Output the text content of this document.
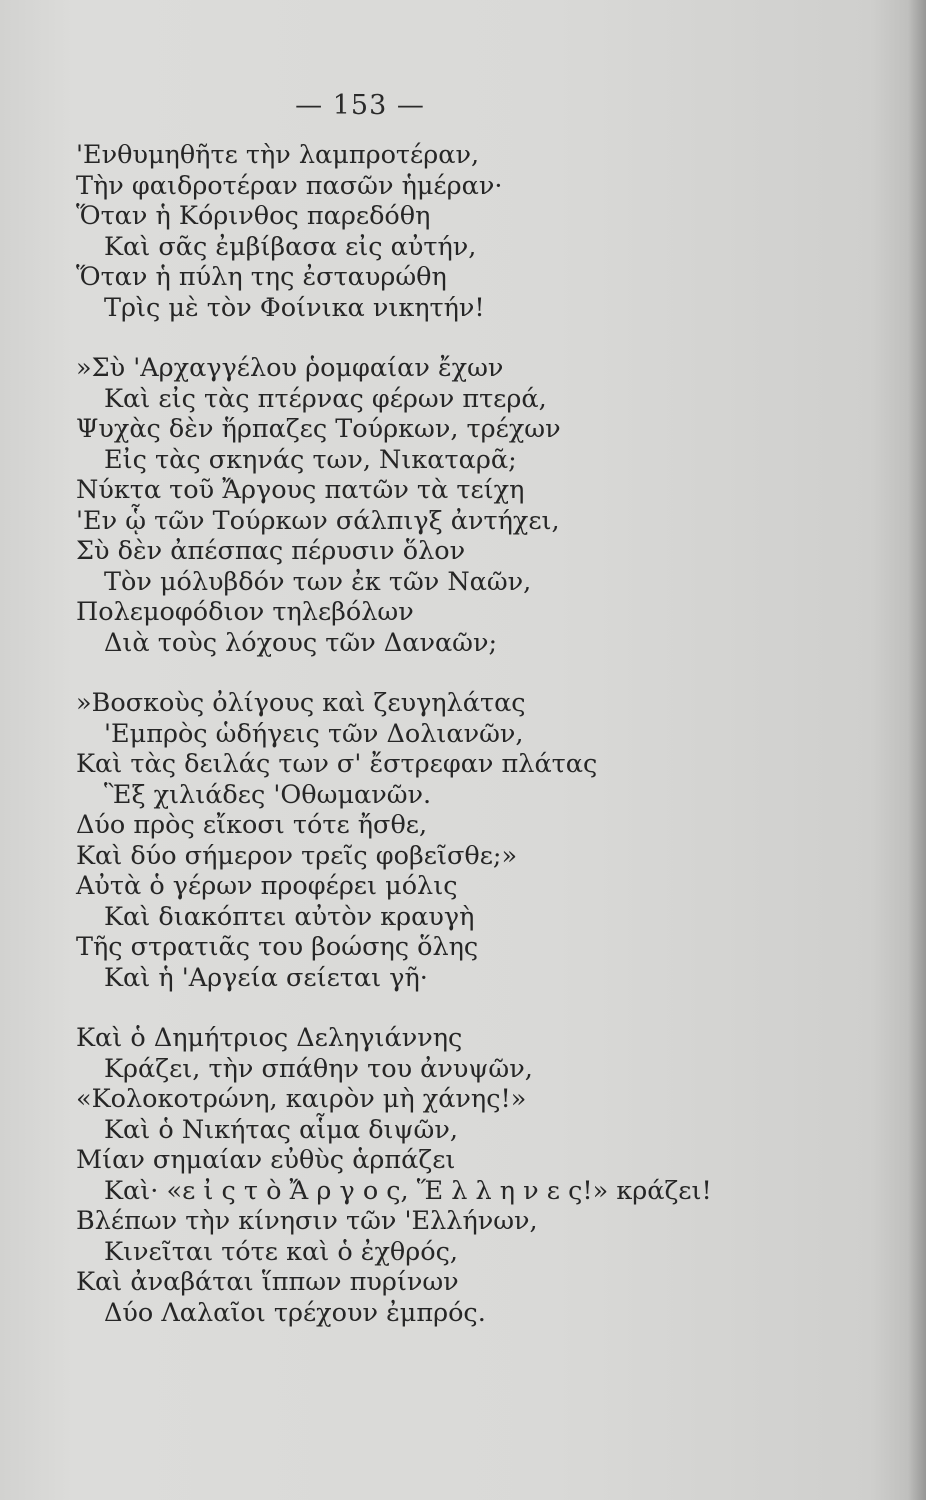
— 153 —
'Ενθυμηθῆτε τὴν λαμπροτέραν,
Τὴν φαιδροτέραν πασῶν ἡμέραν·
Ὅταν ἡ Κόρινθος παρεδόθη
Καὶ σᾶς ἐμβίβασα εἰς αὐτήν,
Ὅταν ἡ πύλη της ἐσταυρώθη
Τρὶς μὲ τὸν Φοίνικα νικητήν!
»Σὺ 'Αρχαγγέλου ῥομφαίαν ἔχων
Καὶ εἰς τὰς πτέρνας φέρων πτερά,
Ψυχὰς δὲν ἥρπαζες Τούρκων, τρέχων
Εἰς τὰς σκηνάς των, Νικαταρᾶ;
Νύκτα τοῦ Ἄργους πατῶν τὰ τείχη
'Εν ᾧ τῶν Τούρκων σάλπιγξ ἀντήχει,
Σὺ δὲν ἀπέσπας πέρυσιν ὅλον
Τὸν μόλυβδόν των ἐκ τῶν Ναῶν,
Πολεμοφόδιον τηλεβόλων
Διὰ τοὺς λόχους τῶν Δαναῶν;
»Βοσκοὺς ὀλίγους καὶ ζευγηλάτας
'Εμπρὸς ὡδήγεις τῶν Δολιανῶν,
Καὶ τὰς δειλάς των σ' ἔστρεφαν πλάτας
Ἓξ χιλιάδες 'Οθωμανῶν.
Δύο πρὸς εἴκοσι τότε ἤσθε,
Καὶ δύο σήμερον τρεῖς φοβεῖσθε;»
Αὐτὰ ὁ γέρων προφέρει μόλις
Καὶ διακόπτει αὐτὸν κραυγὴ
Τῆς στρατιᾶς του βοώσης ὅλης
Καὶ ἡ 'Αργεία σείεται γῆ·
Καὶ ὁ Δημήτριος Δεληγιάννης
Κράζει, τὴν σπάθην του ἀνυψῶν,
«Κολοκοτρώνη, καιρὸν μὴ χάνης!»
Καὶ ὁ Νικήτας αἷμα διψῶν,
Μίαν σημαίαν εὐθὺς ἁρπάζει
Καὶ· «ε ἰ ς τ ὸ Ἄ ρ γ ο ς, Ἕ λ λ η ν ε ς!» κράζει!
Βλέπων τὴν κίνησιν τῶν 'Ελλήνων,
Κινεῖται τότε καὶ ὁ ἐχθρός,
Καὶ ἀναβάται ἵππων πυρίνων
Δύο Λαλαῖοι τρέχουν ἐμπρός.
